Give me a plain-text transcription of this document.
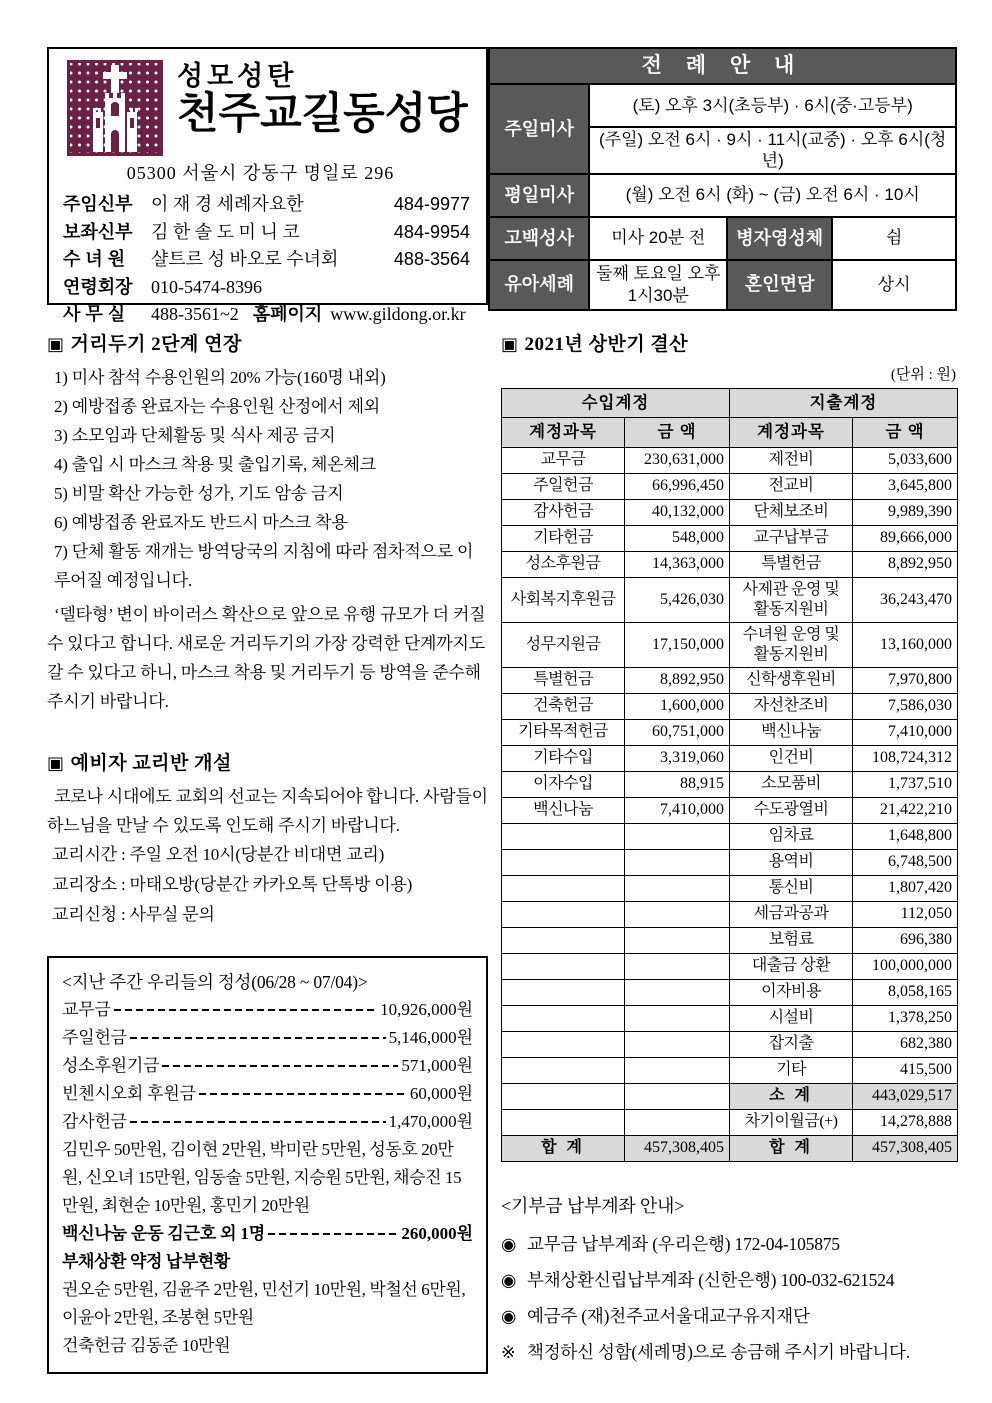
성모성탄
천주교길동성당
05300 서울시 강동구 명일로 296
주임신부	이 재 경 세례자요한	484-9977
보좌신부	김 한 솔 도 미 니 코	484-9954
수 녀 원	샬트르 성 바오로 수녀회	488-3564
연령회장	010-5474-8396
사 무 실	488-3561~2 홈페이지 www.gildong.or.kr
전 례 안 내			
주일미사	(토) 오후 3시(초등부) · 6시(중·고등부)		
	(주일) 오전 6시 · 9시 · 11시(교중) · 오후 6시(청년)		
평일미사	(월) 오전 6시 (화) ~ (금) 오전 6시 · 10시		
고백성사	미사 20분 전	병자영성체	쉼
유아세례	둘째 토요일 오후 1시30분	혼인면담	상시
▣ 거리두기 2단계 연장
1) 미사 참석 수용인원의 20% 가능(160명 내외)
2) 예방접종 완료자는 수용인원 산정에서 제외
3) 소모임과 단체활동 및 식사 제공 금지
4) 출입 시 마스크 착용 및 출입기록, 체온체크
5) 비말 확산 가능한 성가, 기도 암송 금지
6) 예방접종 완료자도 반드시 마스크 착용
7) 단체 활동 재개는 방역당국의 지침에 따라 점차적으로 이루어질 예정입니다.

‘델타형’ 변이 바이러스 확산으로 앞으로 유행 규모가 더 커질 수 있다고 합니다. 새로운 거리두기의 가장 강력한 단계까지도 갈 수 있다고 하니, 마스크 착용 및 거리두기 등 방역을 준수해 주시기 바랍니다.

▣ 예비자 교리반 개설

코로나 시대에도 교회의 선교는 지속되어야 합니다. 사람들이 하느님을 만날 수 있도록 인도해 주시기 바랍니다.

교리시간 : 주일 오전 10시(당분간 비대면 교리)
교리장소 : 마태오방(당분간 카카오톡 단톡방 이용)
교리신청 : 사무실 문의
<지난 주간 우리들의 정성(06/28 ~ 07/04)>
교무금	10,926,000원
주일헌금	5,146,000원
성소후원기금	571,000원
빈첸시오회 후원금	60,000원
감사헌금	1,470,000원
김민우 50만원, 김이현 2만원, 박미란 5만원, 성동호 20만원, 신오녀 15만원, 임동술 5만원, 지승원 5만원, 채승진 15만원, 최현순 10만원, 홍민기 20만원
백신나눔 운동 김근호 외 1명	260,000원
부채상환 약정 납부현황
권오순 5만원, 김윤주 2만원, 민선기 10만원, 박철선 6만원, 이윤아 2만원, 조봉현 5만원
건축헌금 김동준 10만원
▣ 2021년 상반기 결산
(단위 : 원)
수입계정		지출계정	
계정과목	금 액	계정과목	금 액
교무금	230,631,000	제전비	5,033,600
주일헌금	66,996,450	전교비	3,645,800
감사헌금	40,132,000	단체보조비	9,989,390
기타헌금	548,000	교구납부금	89,666,000
성소후원금	14,363,000	특별헌금	8,892,950
사회복지후원금	5,426,030	사제관 운영 및 활동지원비	36,243,470
성무지원금	17,150,000	수녀원 운영 및 활동지원비	13,160,000
특별헌금	8,892,950	신학생후원비	7,970,800
건축헌금	1,600,000	자선찬조비	7,586,030
기타목적헌금	60,751,000	백신나눔	7,410,000
기타수입	3,319,060	인건비	108,724,312
이자수입	88,915	소모품비	1,737,510
백신나눔	7,410,000	수도광열비	21,422,210
		임차료	1,648,800
		용역비	6,748,500
		통신비	1,807,420
		세금과공과	112,050
		보험료	696,380
		대출금 상환	100,000,000
		이자비용	8,058,165
		시설비	1,378,250
		잡지출	682,380
		기타	415,500
		소 계	443,029,517
		차기이월금(+)	14,278,888
합 계	457,308,405	합 계	457,308,405
<기부금 납부계좌 안내>
◉ 교무금 납부계좌 (우리은행) 172-04-105875
◉ 부채상환신립납부계좌 (신한은행) 100-032-621524
◉ 예금주 (재)천주교서울대교구유지재단
※ 책정하신 성함(세례명)으로 송금해 주시기 바랍니다.
